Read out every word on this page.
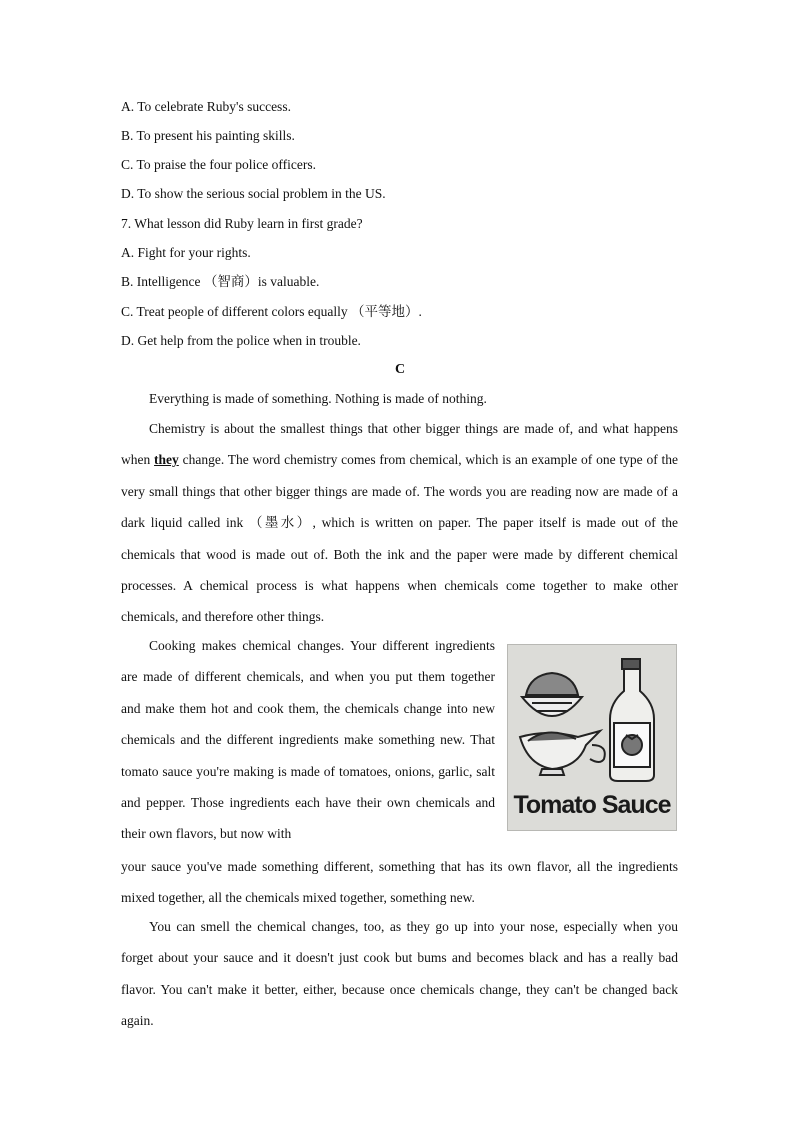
A. To celebrate Ruby's success.
B. To present his painting skills.
C. To praise the four police officers.
D. To show the serious social problem in the US.
7. What lesson did Ruby learn in first grade?
A. Fight for your rights.
B. Intelligence （智商）is valuable.
C. Treat people of different colors equally （平等地）.
D. Get help from the police when in trouble.
C
Everything is made of something. Nothing is made of nothing.
Chemistry is about the smallest things that other bigger things are made of, and what happens when they change. The word chemistry comes from chemical, which is an example of one type of the very small things that other bigger things are made of. The words you are reading now are made of a dark liquid called ink （墨水）, which is written on paper. The paper itself is made out of the chemicals that wood is made out of. Both the ink and the paper were made by different chemical processes. A chemical process is what happens when chemicals come together to make other chemicals, and therefore other things.
Cooking makes chemical changes. Your different ingredients are made of different chemicals, and when you put them together and make them hot and cook them, the chemicals change into new chemicals and the different ingredients make something new. That tomato sauce you're making is made of tomatoes, onions, garlic, salt and pepper. Those ingredients each have their own chemicals and their own flavors, but now with
your sauce you've made something different, something that has its own flavor, all the ingredients mixed together, all the chemicals mixed together, something new.
You can smell the chemical changes, too, as they go up into your nose, especially when you forget about your sauce and it doesn't just cook but bums and becomes black and has a really bad flavor. You can't make it better, either, because once chemicals change, they can't be changed back again.
Tomato Sauce
